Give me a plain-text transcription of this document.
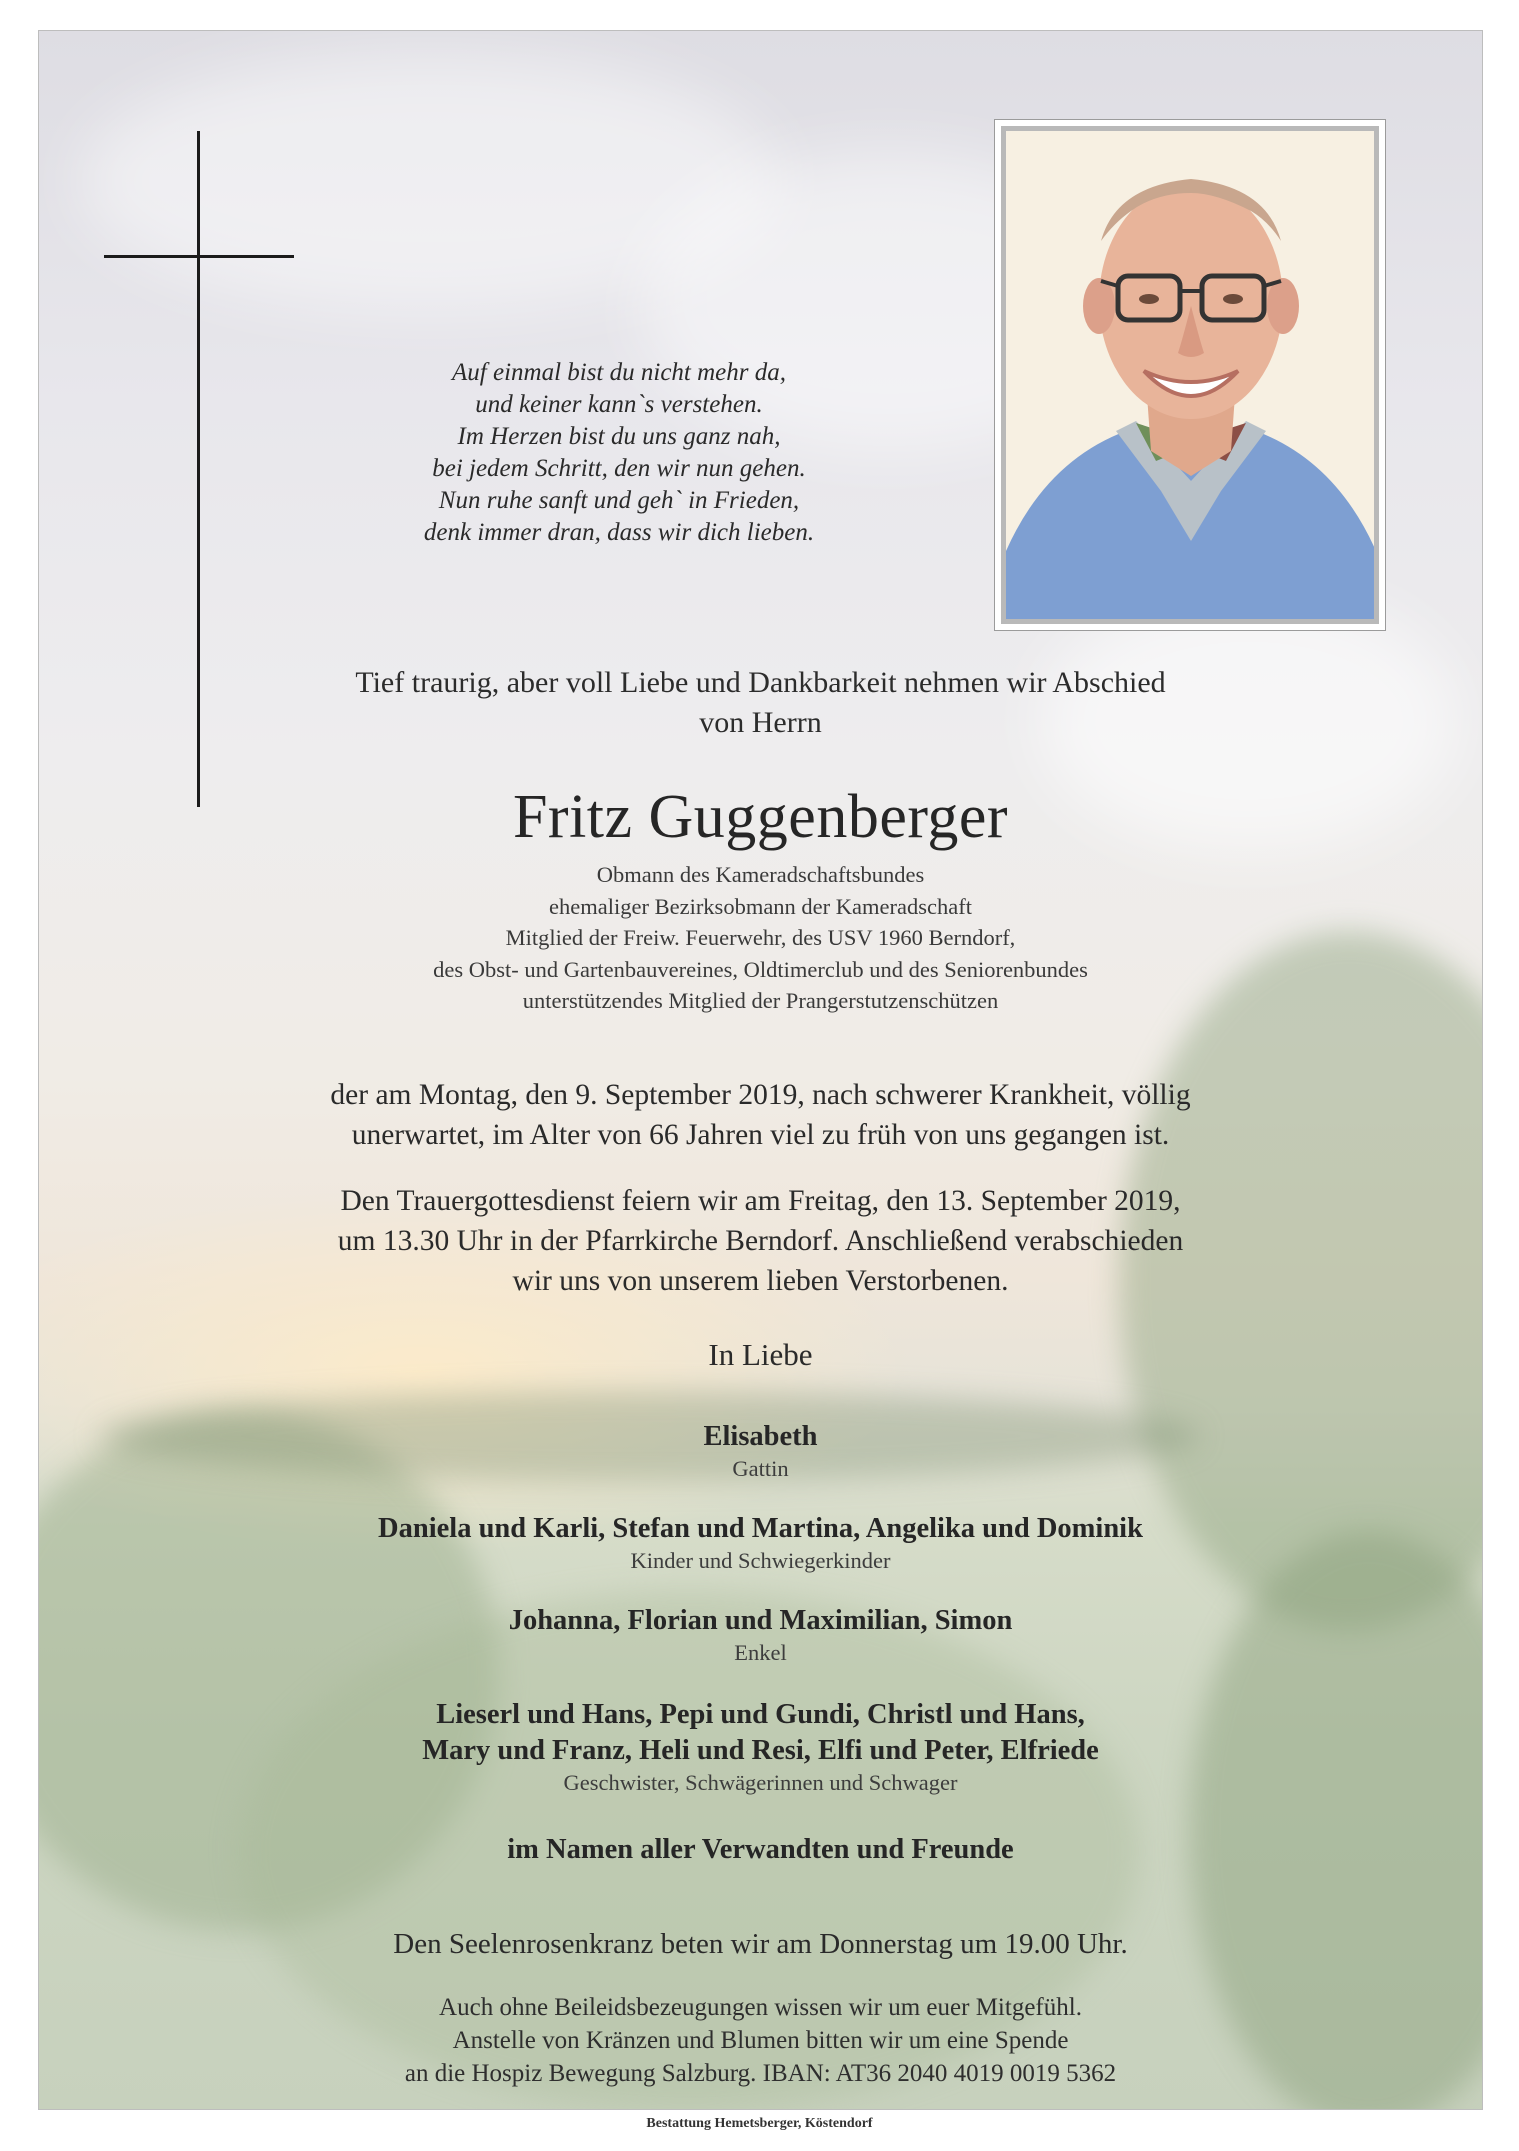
Auf einmal bist du nicht mehr da,
und keiner kann`s verstehen.
Im Herzen bist du uns ganz nah,
bei jedem Schritt, den wir nun gehen.
Nun ruhe sanft und geh` in Frieden,
denk immer dran, dass wir dich lieben.
Tief traurig, aber voll Liebe und Dankbarkeit nehmen wir Abschied
von Herrn
Fritz Guggenberger
Obmann des Kameradschaftsbundes
ehemaliger Bezirksobmann der Kameradschaft
Mitglied der Freiw. Feuerwehr, des USV 1960 Berndorf,
des Obst- und Gartenbauvereines, Oldtimerclub und des Seniorenbundes
unterstützendes Mitglied der Prangerstutzenschützen
der am Montag, den 9. September 2019, nach schwerer Krankheit, völlig
unerwartet, im Alter von 66 Jahren viel zu früh von uns gegangen ist.
Den Trauergottesdienst feiern wir am Freitag, den 13. September 2019,
um 13.30 Uhr in der Pfarrkirche Berndorf. Anschließend verabschieden
wir uns von unserem lieben Verstorbenen.
In Liebe
Elisabeth
Gattin
Daniela und Karli, Stefan und Martina, Angelika und Dominik
Kinder und Schwiegerkinder
Johanna, Florian und Maximilian, Simon
Enkel
Lieserl und Hans, Pepi und Gundi, Christl und Hans,
Mary und Franz, Heli und Resi, Elfi und Peter, Elfriede
Geschwister, Schwägerinnen und Schwager
im Namen aller Verwandten und Freunde
Den Seelenrosenkranz beten wir am Donnerstag um 19.00 Uhr.
Auch ohne Beileidsbezeugungen wissen wir um euer Mitgefühl.
Anstelle von Kränzen und Blumen bitten wir um eine Spende
an die Hospiz Bewegung Salzburg. IBAN: AT36 2040 4019 0019 5362
Bestattung Hemetsberger, Köstendorf
